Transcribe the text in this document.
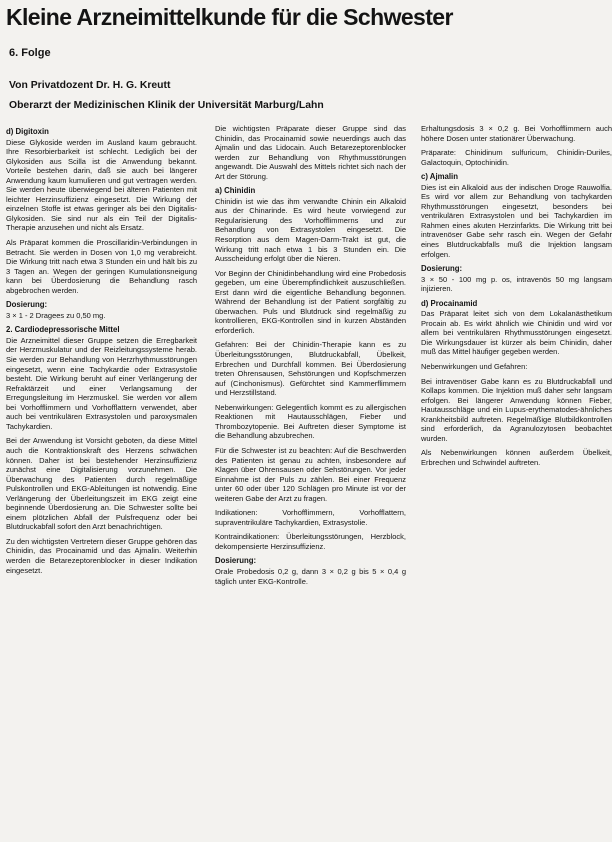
Kleine Arzneimittelkunde für die Schwester
6. Folge
Von Privatdozent Dr. H. G. Kreutt
Oberarzt der Medizinischen Klinik der Universität Marburg/Lahn
d) Digitoxin

Diese Glykoside werden im Ausland kaum gebraucht. Ihre Resorbierbarkeit ist schlecht. Lediglich bei der Glykosiden aus Scilla ist die Anwendung bekannt. Vorteile bestehen darin, daß sie auch bei längerer Anwendung kaum kumulieren und gut vertragen werden. Sie werden heute überwiegend bei älteren Patienten mit leichter Herzinsuffizienz eingesetzt. Die Wirkung der einzelnen Stoffe ist etwas geringer als bei den Digitalis-Glykosiden. Sie sind nur als ein Teil der Digitalis-Therapie anzusehen und nicht als Ersatz.

Als Präparat kommen die Proscillaridin-Verbindungen in Betracht. Sie werden in Dosen von 1,0 mg verabreicht. Die Wirkung tritt nach etwa 3 Stunden ein und hält bis zu 3 Tagen an. Wegen der geringen Kumulationsneigung kann bei Überdosierung die Behandlung rasch abgebrochen werden.

Dosierung:

3 × 1 - 2 Dragees zu 0,50 mg.

2. Cardiodepressorische Mittel

Die Arzneimittel dieser Gruppe setzen die Erregbarkeit der Herzmuskulatur und der Reizleitungssysteme herab. Sie werden zur Behandlung von Herzrhythmusstörungen eingesetzt, wenn eine Tachykardie oder Extrasystolie besteht. Die Wirkung beruht auf einer Verlängerung der Refraktärzeit und einer Verlangsamung der Erregungsleitung im Herzmuskel. Sie werden vor allem bei Vorhofflimmern und Vorhofflattern verwendet, aber auch bei ventrikulären Extrasystolen und paroxysmalen Tachykardien.

Bei der Anwendung ist Vorsicht geboten, da diese Mittel auch die Kontraktionskraft des Herzens schwächen können. Daher ist bei bestehender Herzinsuffizienz zunächst eine Digitalisierung vorzunehmen. Die Überwachung des Patienten durch regelmäßige Pulskontrollen und EKG-Ableitungen ist notwendig. Eine Verlängerung der Überleitungszeit im EKG zeigt eine beginnende Überdosierung an. Die Schwester sollte bei einem plötzlichen Abfall der Pulsfrequenz oder bei Blutdruckabfall sofort den Arzt benachrichtigen.

Zu den wichtigsten Vertretern dieser Gruppe gehören das Chinidin, das Procainamid und das Ajmalin. Weiterhin werden die Betarezeptorenblocker in dieser Indikation eingesetzt.

Die wichtigsten Präparate dieser Gruppe sind das Chinidin, das Procainamid sowie neuerdings auch das Ajmalin und das Lidocain. Auch Betarezeptorenblocker werden zur Behandlung von Rhythmusstörungen angewandt. Die Auswahl des Mittels richtet sich nach der Art der Störung.

a) Chinidin

Chinidin ist wie das ihm verwandte Chinin ein Alkaloid aus der Chinarinde. Es wird heute vorwiegend zur Regularisierung des Vorhofflimmerns und zur Behandlung von Extrasystolen eingesetzt. Die Resorption aus dem Magen-Darm-Trakt ist gut, die Wirkung tritt nach etwa 1 bis 3 Stunden ein. Die Ausscheidung erfolgt über die Nieren.

Vor Beginn der Chinidinbehandlung wird eine Probedosis gegeben, um eine Überempfindlichkeit auszuschließen. Erst dann wird die eigentliche Behandlung begonnen. Während der Behandlung ist der Patient sorgfältig zu überwachen. Puls und Blutdruck sind regelmäßig zu kontrollieren, EKG-Kontrollen sind in kurzen Abständen erforderlich.

Gefahren: Bei der Chinidin-Therapie kann es zu Überleitungsstörungen, Blutdruckabfall, Übelkeit, Erbrechen und Durchfall kommen. Bei Überdosierung treten Ohrensausen, Sehstörungen und Kopfschmerzen auf (Cinchonismus). Gefürchtet sind Kammerflimmern und Herzstillstand.

Nebenwirkungen: Gelegentlich kommt es zu allergischen Reaktionen mit Hautausschlägen, Fieber und Thrombozytopenie. Bei Auftreten dieser Symptome ist die Behandlung abzubrechen.

Für die Schwester ist zu beachten: Auf die Beschwerden des Patienten ist genau zu achten, insbesondere auf Klagen über Ohrensausen oder Sehstörungen. Vor jeder Einnahme ist der Puls zu zählen. Bei einer Frequenz unter 60 oder über 120 Schlägen pro Minute ist vor der weiteren Gabe der Arzt zu fragen.

Indikationen: Vorhofflimmern, Vorhofflattern, supraventrikuläre Tachykardien, Extrasystolie.

Kontraindikationen: Überleitungsstörungen, Herzblock, dekompensierte Herzinsuffizienz.

Dosierung:

Orale Probedosis 0,2 g, dann 3 × 0,2 g bis 5 × 0,4 g täglich unter EKG-Kontrolle.

Erhaltungsdosis 3 × 0,2 g. Bei Vorhofflimmern auch höhere Dosen unter stationärer Überwachung.

Präparate: Chinidinum sulfuricum, Chinidin-Duriles, Galactoquin, Optochinidin.

c) Ajmalin

Dies ist ein Alkaloid aus der indischen Droge Rauwolfia. Es wird vor allem zur Behandlung von tachykarden Rhythmusstörungen eingesetzt, besonders bei ventrikulären Extrasystolen und bei Tachykardien im Rahmen eines akuten Herzinfarkts. Die Wirkung tritt bei intravenöser Gabe sehr rasch ein. Wegen der Gefahr eines Blutdruckabfalls muß die Injektion langsam erfolgen.

Dosierung:

3 × 50 - 100 mg p. os, intravenös 50 mg langsam injizieren.

d) Procainamid

Das Präparat leitet sich von dem Lokalanästhetikum Procain ab. Es wirkt ähnlich wie Chinidin und wird vor allem bei ventrikulären Rhythmusstörungen eingesetzt. Die Wirkungsdauer ist kürzer als beim Chinidin, daher muß das Mittel häufiger gegeben werden.

Nebenwirkungen und Gefahren:

Bei intravenöser Gabe kann es zu Blutdruckabfall und Kollaps kommen. Die Injektion muß daher sehr langsam erfolgen. Bei längerer Anwendung können Fieber, Hautausschläge und ein Lupus-erythematodes-ähnliches Krankheitsbild auftreten. Regelmäßige Blutbildkontrollen sind erforderlich, da Agranulozytosen beobachtet wurden.

Als Nebenwirkungen können außerdem Übelkeit, Erbrechen und Schwindel auftreten.
